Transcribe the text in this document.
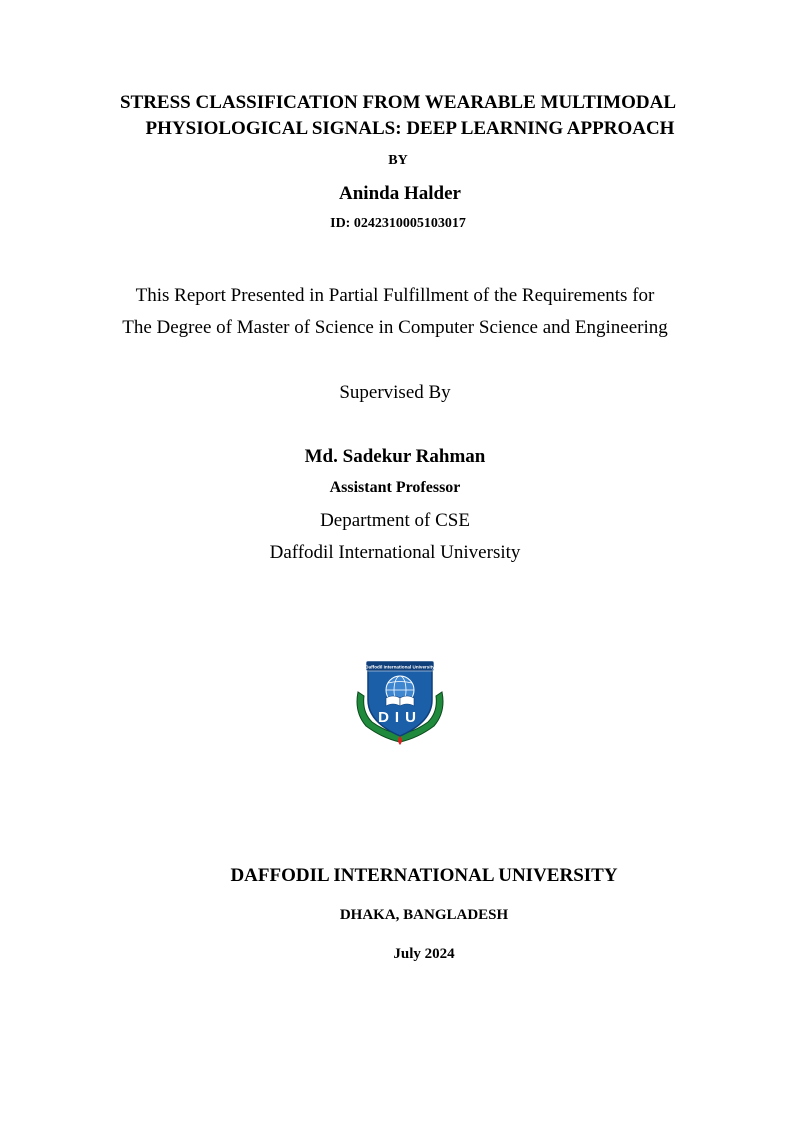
STRESS CLASSIFICATION FROM WEARABLE MULTIMODAL
PHYSIOLOGICAL SIGNALS: DEEP LEARNING APPROACH
BY
Aninda Halder
ID: 0242310005103017
This Report Presented in Partial Fulfillment of the Requirements for
The Degree of Master of Science in Computer Science and Engineering
Supervised By
Md. Sadekur Rahman
Assistant Professor
Department of CSE
Daffodil International University
Daffodil International University
DIU
DAFFODIL INTERNATIONAL UNIVERSITY
DHAKA, BANGLADESH
July 2024
